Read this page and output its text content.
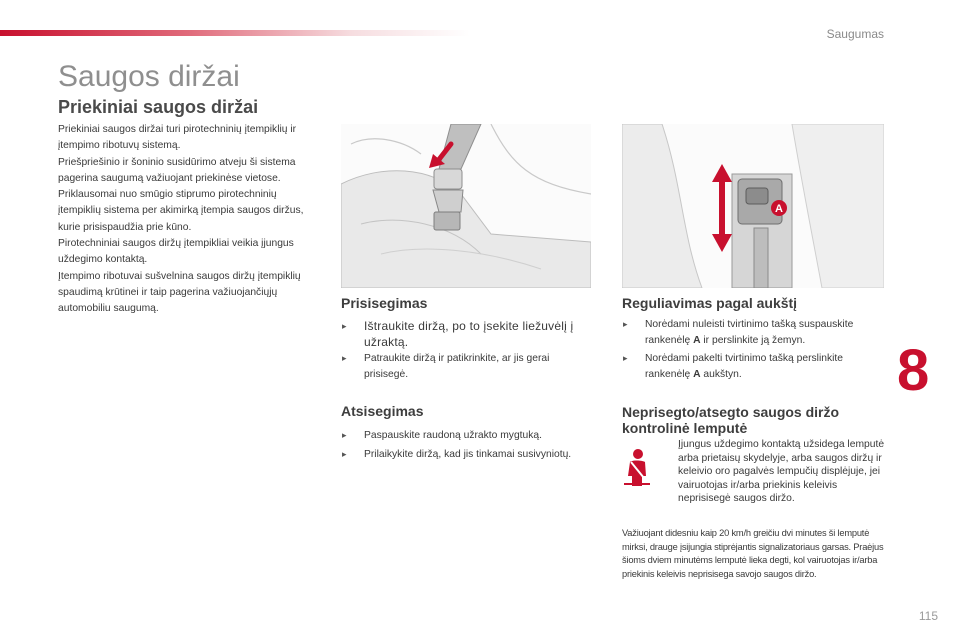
Saugumas
Saugos diržai
Priekiniai saugos diržai

Priekiniai saugos diržai turi pirotechninių įtempiklių ir įtempimo ribotuvų sistemą.

Priešpriešinio ir šoninio susidūrimo atveju ši sistema pagerina saugumą važiuojant priekinėse vietose. Priklausomai nuo smūgio stiprumo pirotechninių įtempiklių sistema per akimirką įtempia saugos diržus, kurie prisispaudžia prie kūno.

Pirotechniniai saugos diržų įtempikliai veikia įjungus uždegimo kontaktą.

Įtempimo ribotuvai sušvelnina saugos diržų įtempiklių spaudimą krūtinei ir taip pagerina važiuojančiųjų automobiliu saugumą.

A
Prisisegimas
▸ Ištraukite diržą, po to įsekite liežuvėlį į užraktą.
▸ Patraukite diržą ir patikrinkite, ar jis gerai prisisegė.
Atsisegimas
▸ Paspauskite raudoną užrakto mygtuką.
▸ Prilaikykite diržą, kad jis tinkamai susivyniotų.
Reguliavimas pagal aukštį
▸ Norėdami nuleisti tvirtinimo tašką suspauskite rankenėlę A ir perslinkite ją žemyn.
▸ Norėdami pakelti tvirtinimo tašką perslinkite rankenėlę A aukštyn.	8
Neprisegto/atsegto saugos diržo
kontrolinė lemputė
Įjungus uždegimo kontaktą užsidega lemputė arba prietaisų skydelyje, arba saugos diržų ir keleivio oro pagalvės lempučių displėjuje, jei vairuotojas ir/arba priekinis keleivis neprisisegė saugos diržo.
Važiuojant didesniu kaip 20 km/h greičiu dvi minutes ši lemputė mirksi, drauge įsijungia stiprėjantis signalizatoriaus garsas. Praėjus šioms dviem minutėms lemputė lieka degti, kol vairuotojas ir/arba priekinis keleivis neprisisega savojo saugos diržo.
115
